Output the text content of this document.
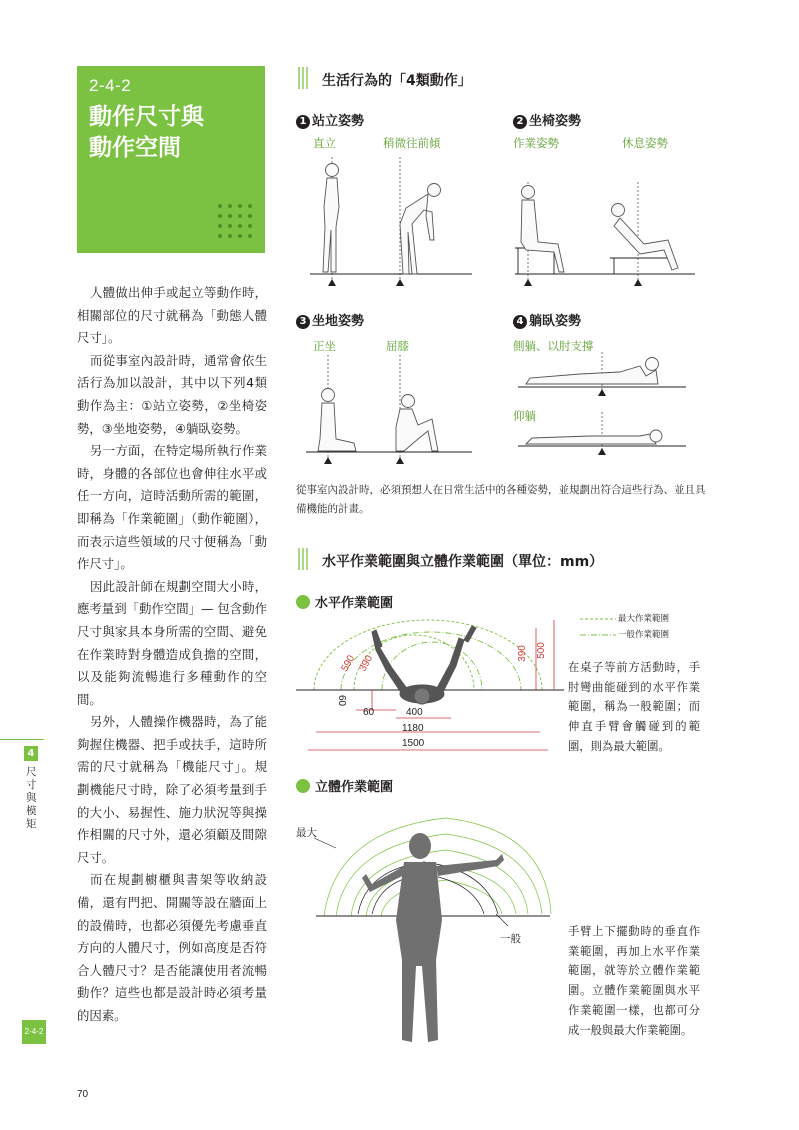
2-4-2
動作尺寸與
動作空間

人體做出伸手或起立等動作時，相關部位的尺寸就稱為「動態人體尺寸」。

而從事室內設計時，通常會依生活行為加以設計，其中以下列4類動作為主：①站立姿勢，②坐椅姿勢，③坐地姿勢，④躺臥姿勢。

另一方面，在特定場所執行作業時，身體的各部位也會伸往水平或任一方向，這時活動所需的範圍，即稱為「作業範圍」（動作範圍），而表示這些領域的尺寸便稱為「動作尺寸」。

因此設計師在規劃空間大小時，應考量到「動作空間」— 包含動作尺寸與家具本身所需的空間、避免在作業時對身體造成負擔的空間，以及能夠流暢進行多種動作的空間。

另外，人體操作機器時，為了能夠握住機器、把手或扶手，這時所需的尺寸就稱為「機能尺寸」。規劃機能尺寸時，除了必須考量到手的大小、易握性、施力狀況等與操作相關的尺寸外，還必須顧及間隙尺寸。

而在規劃櫥櫃與書架等收納設備，還有門把、開關等設在牆面上的設備時，也都必須優先考慮垂直方向的人體尺寸，例如高度是否符合人體尺寸？是否能讓使用者流暢動作？這些也都是設計時必須考量的因素。

4
尺寸與模矩
2-4-2
70
生活行為的「4類動作」
1 站立姿勢	2 坐椅姿勢
3 坐地姿勢	4 躺臥姿勢
直立	稍微往前傾	作業姿勢	休息姿勢
正坐	屈膝	側躺、以肘支撐
仰躺
從事室內設計時，必須預想人在日常生活中的各種姿勢，並規劃出符合這些行為、並且具備機能的計畫。
水平作業範圍與立體作業範圍（單位：mm）
水平作業範圍
最大作業範圍
一般作業範圍
590 390
390 500
60
60	400
1180
1500
在桌子等前方活動時，手肘彎曲能碰到的水平作業範圍，稱為一般範圍；而伸直手臂會觸碰到的範圍，則為最大範圍。
立體作業範圍
最大
一般
手臂上下擺動時的垂直作業範圍，再加上水平作業範圍，就等於立體作業範圍。立體作業範圍與水平作業範圍一樣，也都可分成一般與最大作業範圍。
